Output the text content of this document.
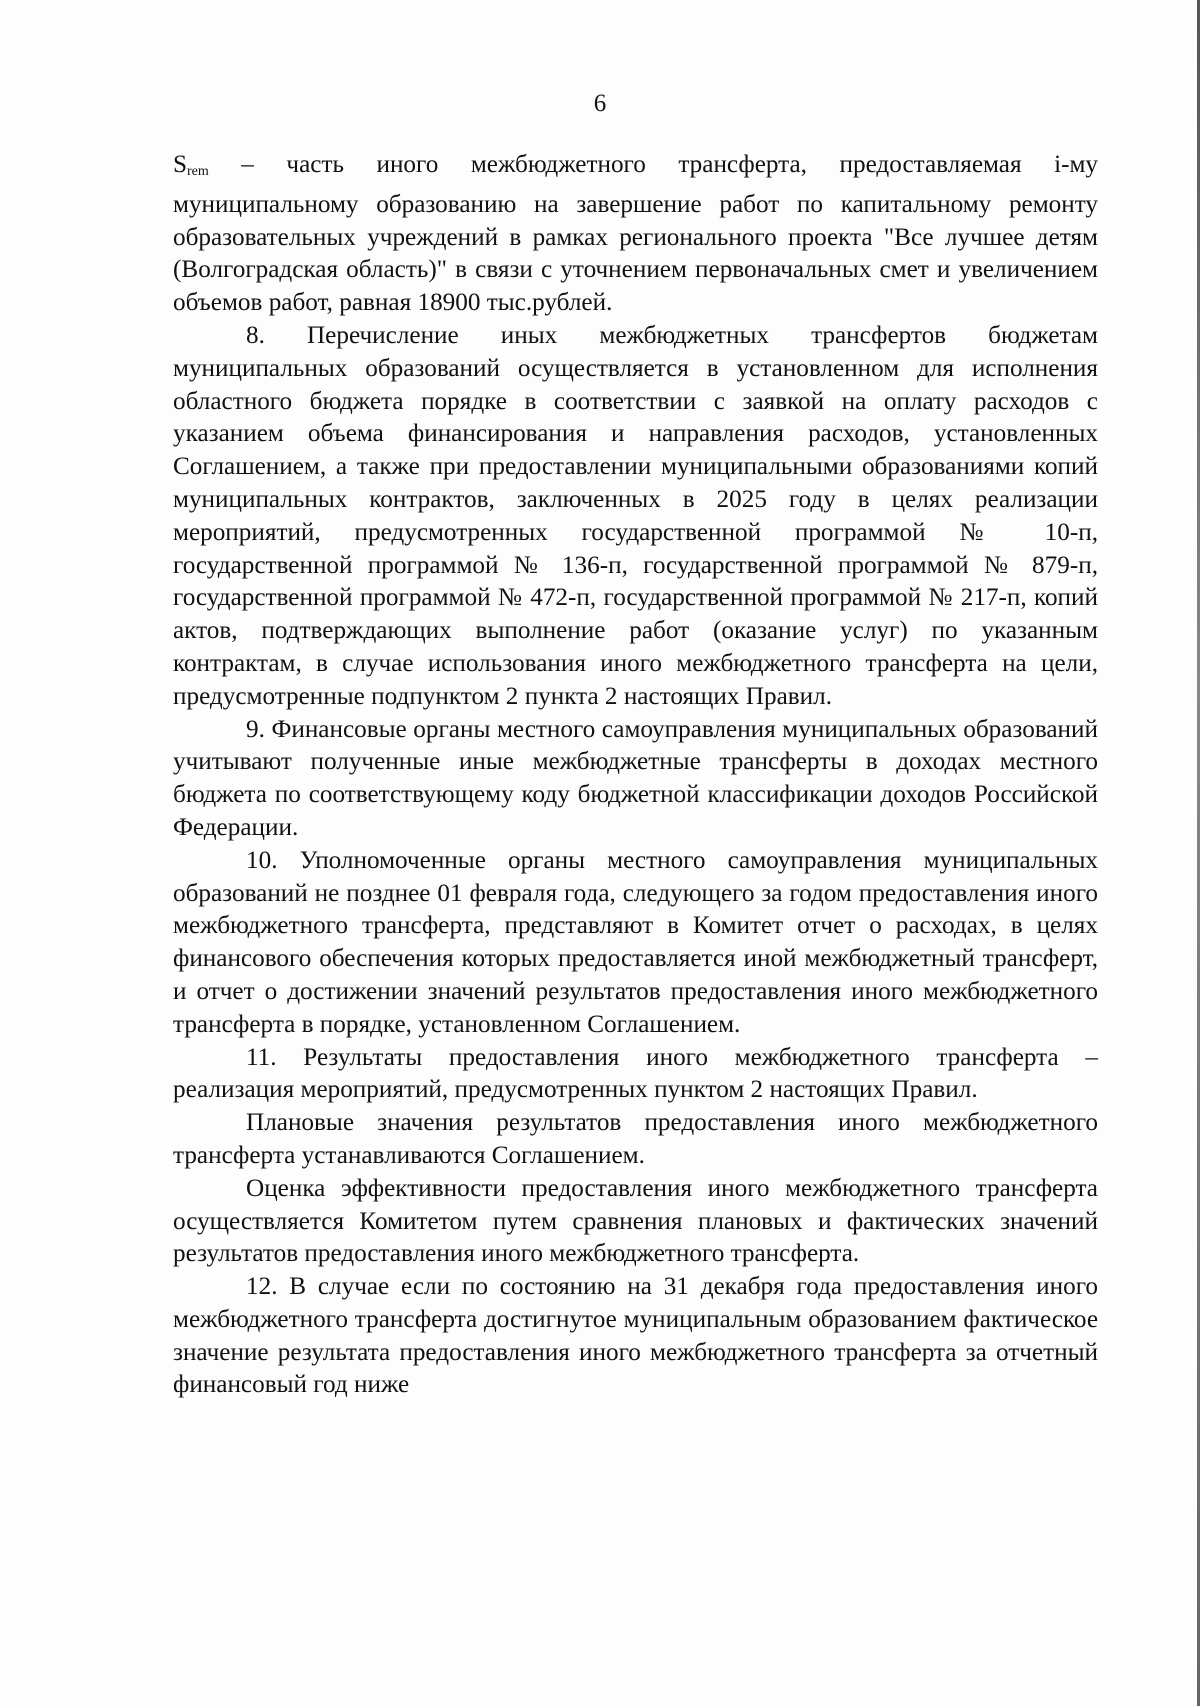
6

$S_{rem}$ – часть иного межбюджетного трансферта, предоставляемая i-му муниципальному образованию на завершение работ по капитальному ремонту образовательных учреждений в рамках регионального проекта "Все лучшее детям (Волгоградская область)" в связи с уточнением первоначальных смет и увеличением объемов работ, равная 18900 тыс.рублей.

8. Перечисление иных межбюджетных трансфертов бюджетам муниципальных образований осуществляется в установленном для исполнения областного бюджета порядке в соответствии с заявкой на оплату расходов с указанием объема финансирования и направления расходов, установленных Соглашением, а также при предоставлении муниципальными образованиями копий муниципальных контрактов, заключенных в 2025 году в целях реализации мероприятий, предусмотренных государственной программой № 10-п, государственной программой № 136-п, государственной программой № 879-п, государственной программой № 472-п, государственной программой № 217-п, копий актов, подтверждающих выполнение работ (оказание услуг) по указанным контрактам, в случае использования иного межбюджетного трансферта на цели, предусмотренные подпунктом 2 пункта 2 настоящих Правил.

9. Финансовые органы местного самоуправления муниципальных образований учитывают полученные иные межбюджетные трансферты в доходах местного бюджета по соответствующему коду бюджетной классификации доходов Российской Федерации.

10. Уполномоченные органы местного самоуправления муниципальных образований не позднее 01 февраля года, следующего за годом предоставления иного межбюджетного трансферта, представляют в Комитет отчет о расходах, в целях финансового обеспечения которых предоставляется иной межбюджетный трансферт, и отчет о достижении значений результатов предоставления иного межбюджетного трансферта в порядке, установленном Соглашением.

11. Результаты предоставления иного межбюджетного трансферта – реализация мероприятий, предусмотренных пунктом 2 настоящих Правил.

Плановые значения результатов предоставления иного межбюджетного трансферта устанавливаются Соглашением.

Оценка эффективности предоставления иного межбюджетного трансферта осуществляется Комитетом путем сравнения плановых и фактических значений результатов предоставления иного межбюджетного трансферта.

12. В случае если по состоянию на 31 декабря года предоставления иного межбюджетного трансферта достигнутое муниципальным образованием фактическое значение результата предоставления иного межбюджетного трансферта за отчетный финансовый год ниже
